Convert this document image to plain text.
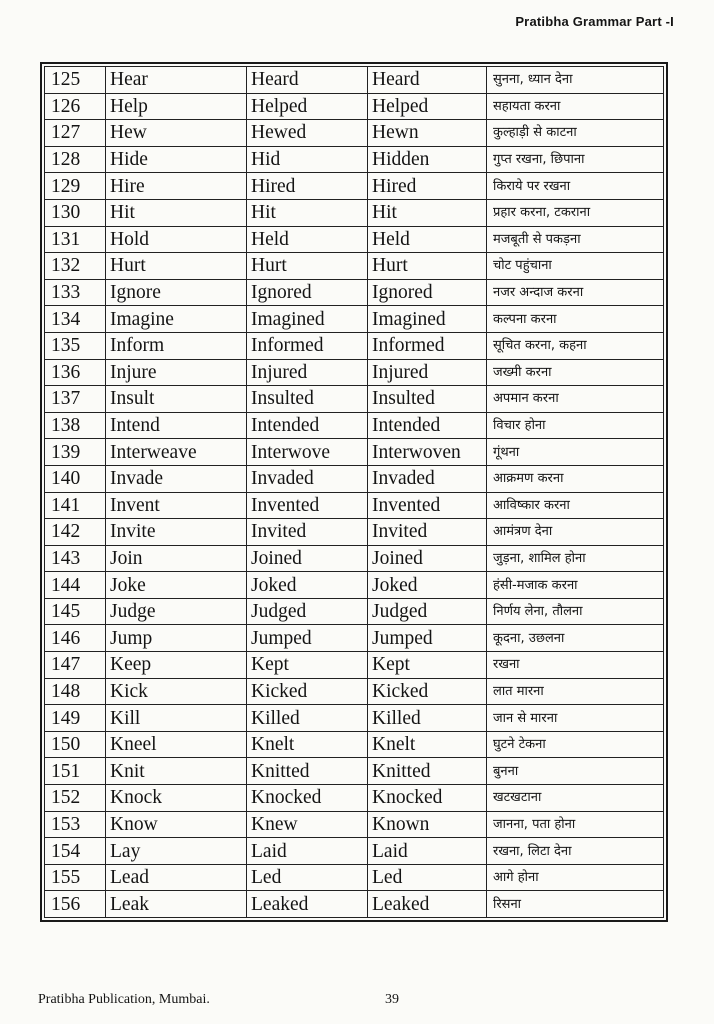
Pratibha Grammar Part -I
125	Hear	Heard	Heard	सुनना, ध्यान देना
126	Help	Helped	Helped	सहायता करना
127	Hew	Hewed	Hewn	कुल्हाड़ी से काटना
128	Hide	Hid	Hidden	गुप्त रखना, छिपाना
129	Hire	Hired	Hired	किराये पर रखना
130	Hit	Hit	Hit	प्रहार करना, टकराना
131	Hold	Held	Held	मजबूती से पकड़ना
132	Hurt	Hurt	Hurt	चोट पहुंचाना
133	Ignore	Ignored	Ignored	नजर अन्दाज करना
134	Imagine	Imagined	Imagined	कल्पना करना
135	Inform	Informed	Informed	सूचित करना, कहना
136	Injure	Injured	Injured	जख्मी करना
137	Insult	Insulted	Insulted	अपमान करना
138	Intend	Intended	Intended	विचार होना
139	Interweave	Interwove	Interwoven	गूंथना
140	Invade	Invaded	Invaded	आक्रमण करना
141	Invent	Invented	Invented	आविष्कार करना
142	Invite	Invited	Invited	आमंत्रण देना
143	Join	Joined	Joined	जुड़ना, शामिल होना
144	Joke	Joked	Joked	हंसी-मजाक करना
145	Judge	Judged	Judged	निर्णय लेना, तौलना
146	Jump	Jumped	Jumped	कूदना, उछलना
147	Keep	Kept	Kept	रखना
148	Kick	Kicked	Kicked	लात मारना
149	Kill	Killed	Killed	जान से मारना
150	Kneel	Knelt	Knelt	घुटने टेकना
151	Knit	Knitted	Knitted	बुनना
152	Knock	Knocked	Knocked	खटखटाना
153	Know	Knew	Known	जानना, पता होना
154	Lay	Laid	Laid	रखना, लिटा देना
155	Lead	Led	Led	आगे होना
156	Leak	Leaked	Leaked	रिसना
Pratibha Publication, Mumbai.	39
